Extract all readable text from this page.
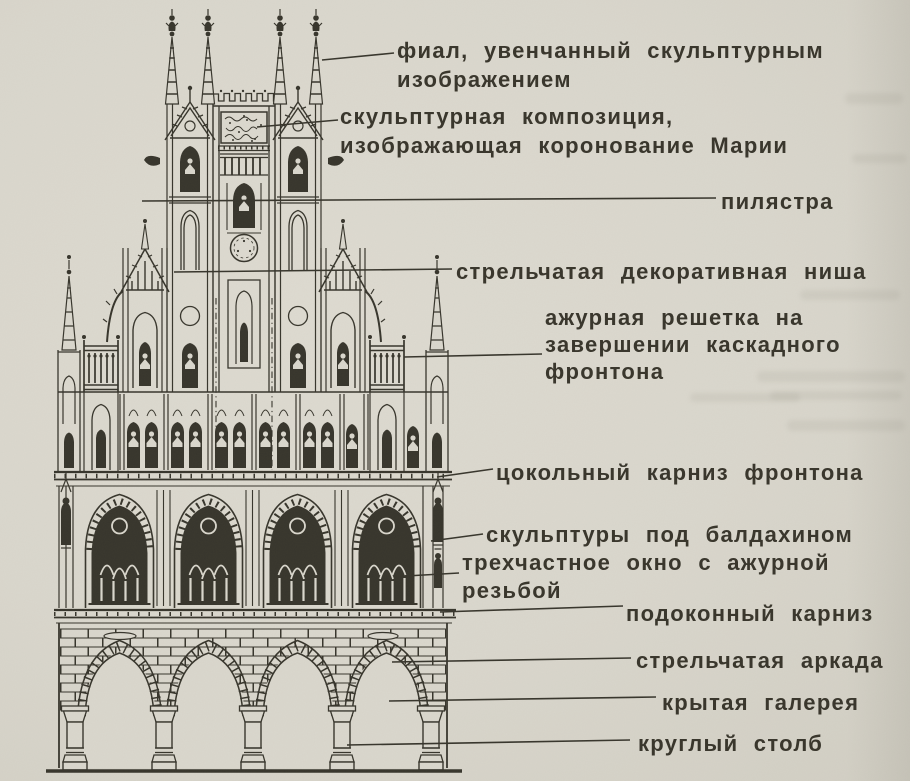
фиал, увенчанный скульптурным
изображением
скульптурная композиция,
изображающая коронование Марии
пилястра
стрельчатая декоративная ниша
ажурная решетка на
завершении каскадного
фронтона
цокольный карниз фронтона
скульптуры под балдахином
трехчастное окно с ажурной
резьбой
подоконный карниз
стрельчатая аркада
крытая галерея
круглый столб
